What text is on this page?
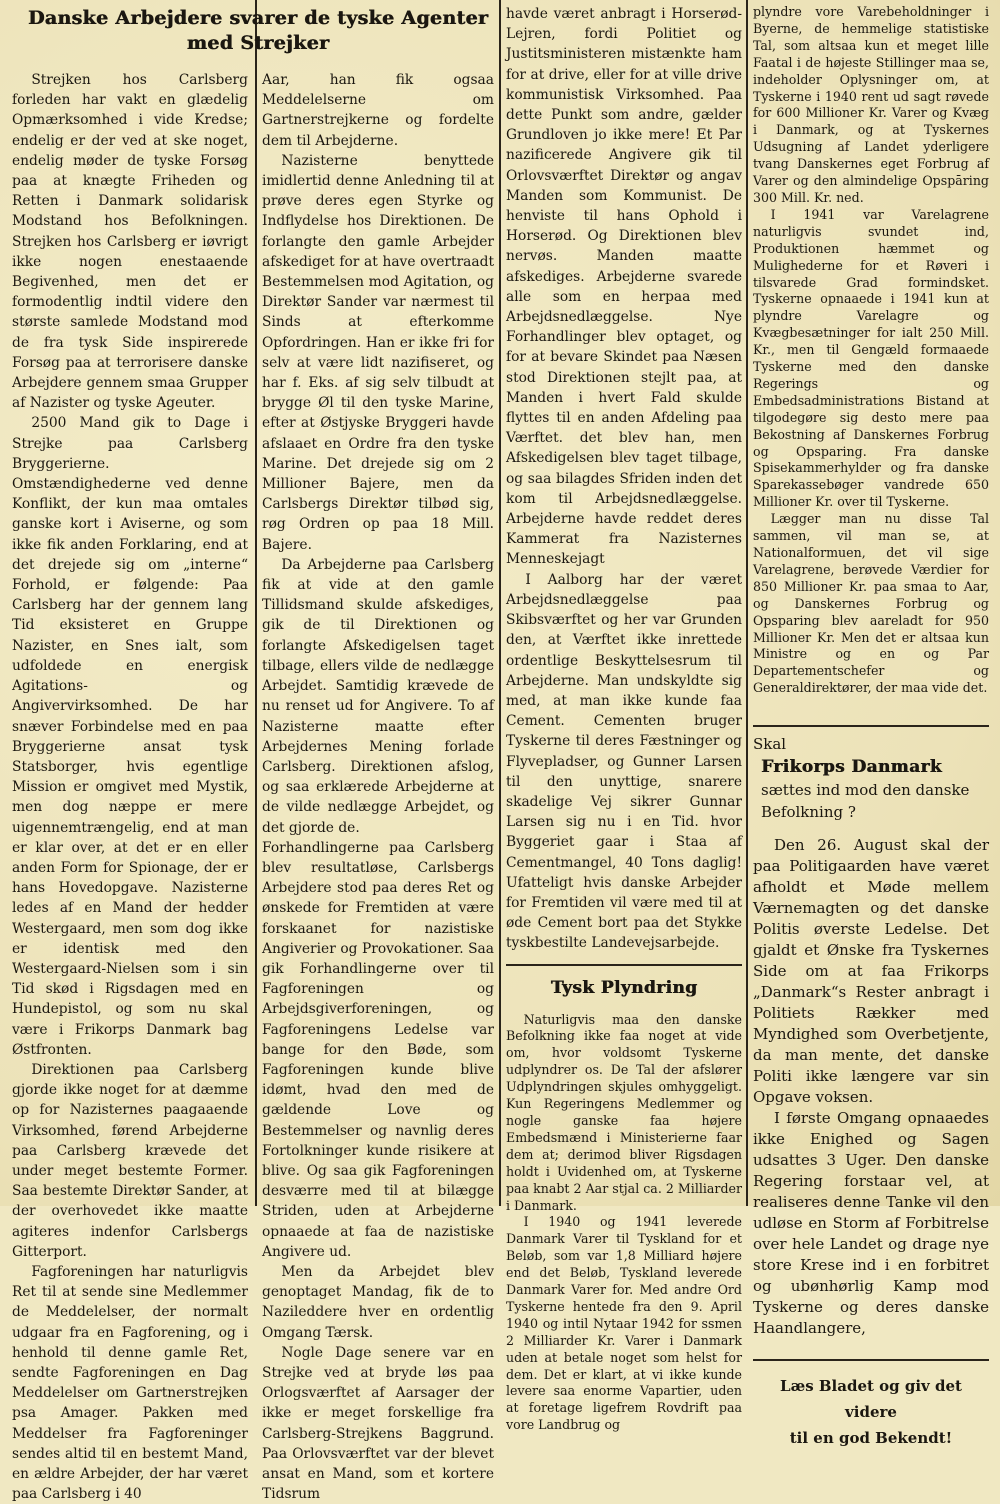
Danske Arbejdere svarer de tyske Agenter
med Strejker

Strejken hos Carlsberg forleden har vakt en glædelig Opmærksomhed i vide Kredse; endelig er der ved at ske noget, endelig møder de tyske Forsøg paa at knægte Friheden og Retten i Danmark solidarisk Modstand hos Befolkningen. Strejken hos Carlsberg er iøvrigt ikke nogen enestaaende Begivenhed, men det er formodentlig indtil videre den største samlede Modstand mod de fra tysk Side inspirerede Forsøg paa at terrorisere danske Arbejdere gennem smaa Grupper af Nazister og tyske Ageuter.

2500 Mand gik to Dage i Strejke paa Carlsberg Bryggerierne. Omstændighederne ved denne Konflikt, der kun maa omtales ganske kort i Aviserne, og som ikke fik anden Forklaring, end at det drejede sig om „interne“ Forhold, er følgende: Paa Carlsberg har der gennem lang Tid eksisteret en Gruppe Nazister, en Snes ialt, som udfoldede en energisk Agitations- og Angivervirksomhed. De har snæver Forbindelse med en paa Bryggerierne ansat tysk Statsborger, hvis egentlige Mission er omgivet med Mystik, men dog næppe er mere uigennemtrængelig, end at man er klar over, at det er en eller anden Form for Spionage, der er hans Hovedopgave. Nazisterne ledes af en Mand der hedder Westergaard, men som dog ikke er identisk med den Westergaard-Nielsen som i sin Tid skød i Rigsdagen med en Hundepistol, og som nu skal være i Frikorps Danmark bag Østfronten.

Direktionen paa Carlsberg gjorde ikke noget for at dæmme op for Nazisternes paagaaende Virksomhed, førend Arbejderne paa Carlsberg krævede det under meget bestemte Former. Saa bestemte Direktør Sander, at der overhovedet ikke maatte agiteres indenfor Carlsbergs Gitterport.

Fagforeningen har naturligvis Ret til at sende sine Medlemmer de Meddelelser, der normalt udgaar fra en Fagforening, og i henhold til denne gamle Ret, sendte Fagforeningen en Dag Meddelelser om Gartnerstrejken psa Amager. Pakken med Meddelser fra Fagforeninger sendes altid til en bestemt Mand, en ældre Arbejder, der har været paa Carlsberg i 40

Aar, han fik ogsaa Meddelelserne om Gartnerstrejkerne og fordelte dem til Arbejderne.

Nazisterne benyttede imidlertid denne Anledning til at prøve deres egen Styrke og Indflydelse hos Direktionen. De forlangte den gamle Arbejder afskediget for at have overtraadt Bestemmelsen mod Agitation, og Direktør Sander var nærmest til Sinds at efterkomme Opfordringen. Han er ikke fri for selv at være lidt nazifiseret, og har f. Eks. af sig selv tilbudt at brygge Øl til den tyske Marine, efter at Østjyske Bryggeri havde afslaaet en Ordre fra den tyske Marine. Det drejede sig om 2 Millioner Bajere, men da Carlsbergs Direktør tilbød sig, røg Ordren op paa 18 Mill. Bajere.

Da Arbejderne paa Carlsberg fik at vide at den gamle Tillidsmand skulde afskediges, gik de til Direktionen og forlangte Afskedigelsen taget tilbage, ellers vilde de nedlægge Arbejdet. Samtidig krævede de nu renset ud for Angivere. To af Nazisterne maatte efter Arbejdernes Mening forlade Carlsberg. Direktionen afslog, og saa erklærede Arbejderne at de vilde nedlægge Arbejdet, og det gjorde de.

Forhandlingerne paa Carlsberg blev resultatløse, Carlsbergs Arbejdere stod paa deres Ret og ønskede for Fremtiden at være forskaanet for nazistiske Angiverier og Provokationer. Saa gik Forhandlingerne over til Fagforeningen og Arbejdsgiverforeningen, og Fagforeningens Ledelse var bange for den Bøde, som Fagforeningen kunde blive idømt, hvad den med de gældende Love og Bestemmelser og navnlig deres Fortolkninger kunde risikere at blive. Og saa gik Fagforeningen desværre med til at bilægge Striden, uden at Arbejderne opnaaede at faa de nazistiske Angivere ud.

Men da Arbejdet blev genoptaget Mandag, fik de to Nazileddere hver en ordentlig Omgang Tærsk.

Nogle Dage senere var en Strejke ved at bryde løs paa Orlogsværftet af Aarsager der ikke er meget forskellige fra Carlsberg-Strejkens Baggrund. Paa Orlovsværftet var der blevet ansat en Mand, som et kortere Tidsrum

havde været anbragt i Horserød-Lejren, fordi Politiet og Justitsministeren mistænkte ham for at drive, eller for at ville drive kommunistisk Virksomhed. Paa dette Punkt som andre, gælder Grundloven jo ikke mere! Et Par nazificerede Angivere gik til Orlovsværftet Direktør og angav Manden som Kommunist. De henviste til hans Ophold i Horserød. Og Direktionen blev nervøs. Manden maatte afskediges. Arbejderne svarede alle som en herpaa med Arbejdsnedlæggelse. Nye Forhandlinger blev optaget, og for at bevare Skindet paa Næsen stod Direktionen stejlt paa, at Manden i hvert Fald skulde flyttes til en anden Afdeling paa Værftet. det blev han, men Afskedigelsen blev taget tilbage, og saa bilagdes Sfriden inden det kom til Arbejdsnedlæggelse. Arbejderne havde reddet deres Kammerat fra Nazisternes Menneskejagt

I Aalborg har der været Arbejdsnedlæggelse paa Skibsværftet og her var Grunden den, at Værftet ikke inrettede ordentlige Beskyttelsesrum til Arbejderne. Man undskyldte sig med, at man ikke kunde faa Cement. Cementen bruger Tyskerne til deres Fæstninger og Flyvepladser, og Gunner Larsen til den unyttige, snarere skadelige Vej sikrer Gunnar Larsen sig nu i en Tid. hvor Byggeriet gaar i Staa af Cementmangel, 40 Tons daglig! Ufatteligt hvis danske Arbejder for Fremtiden vil være med til at øde Cement bort paa det Stykke tyskbestilte Landevejsarbejde.

Tysk Plyndring

Naturligvis maa den danske Befolkning ikke faa noget at vide om, hvor voldsomt Tyskerne udplyndrer os. De Tal der afslører Udplyndringen skjules omhyggeligt. Kun Regeringens Medlemmer og nogle ganske faa højere Embedsmænd i Ministerierne faar dem at; derimod bliver Rigsdagen holdt i Uvidenhed om, at Tyskerne paa knabt 2 Aar stjal ca. 2 Milliarder i Danmark.

I 1940 og 1941 leverede Danmark Varer til Tyskland for et Beløb, som var 1,8 Milliard højere end det Beløb, Tyskland leverede Danmark Varer for. Med andre Ord Tyskerne hentede fra den 9. April 1940 og intil Nytaar 1942 for ssmen 2 Milliarder Kr. Varer i Danmark uden at betale noget som helst for dem. Det er klart, at vi ikke kunde levere saa enorme Vapartier, uden at foretage ligefrem Rovdrift paa vore Landbrug og

plyndre vore Varebeholdninger i Byerne, de hemmelige statistiske Tal, som altsaa kun et meget lille Faatal i de højeste Stillinger maa se, indeholder Oplysninger om, at Tyskerne i 1940 rent ud sagt røvede for 600 Millioner Kr. Varer og Kvæg i Danmark, og at Tyskernes Udsugning af Landet yderligere tvang Danskernes eget Forbrug af Varer og den almindelige Opspāring 300 Mill. Kr. ned.

I 1941 var Varelagrene naturligvis svundet ind, Produktionen hæmmet og Mulighederne for et Røveri i tilsvarede Grad formindsket. Tyskerne opnaaede i 1941 kun at plyndre Varelagre og Kvægbesætninger for ialt 250 Mill. Kr., men til Gengæld formaaede Tyskerne med den danske Regerings og Embedsadministrations Bistand at tilgodegøre sig desto mere paa Bekostning af Danskernes Forbrug og Opsparing. Fra danske Spisekammerhylder og fra danske Sparekassebøger vandrede 650 Millioner Kr. over til Tyskerne.

Lægger man nu disse Tal sammen, vil man se, at Nationalformuen, det vil sige Varelagrene, berøvede Værdier for 850 Millioner Kr. paa smaa to Aar, og Danskernes Forbrug og Opsparing blev aareladt for 950 Millioner Kr. Men det er altsaa kun Ministre og en og Par Departementschefer og Generaldirektører, der maa vide det.

Skal
Frikorps Danmark
sættes ind mod den danske Befolkning ?

Den 26. August skal der paa Politigaarden have været afholdt et Møde mellem Værnemagten og det danske Politis øverste Ledelse. Det gjaldt et Ønske fra Tyskernes Side om at faa Frikorps „Danmark“s Rester anbragt i Politiets Rækker med Myndighed som Overbetjente, da man mente, det danske Politi ikke længere var sin Opgave voksen.

I første Omgang opnaaedes ikke Enighed og Sagen udsattes 3 Uger. Den danske Regering forstaar vel, at realiseres denne Tanke vil den udløse en Storm af Forbitrelse over hele Landet og drage nye store Krese ind i en forbitret og ubønhørlig Kamp mod Tyskerne og deres danske Haandlangere,

Læs Bladet og giv det videre
til en god Bekendt!
